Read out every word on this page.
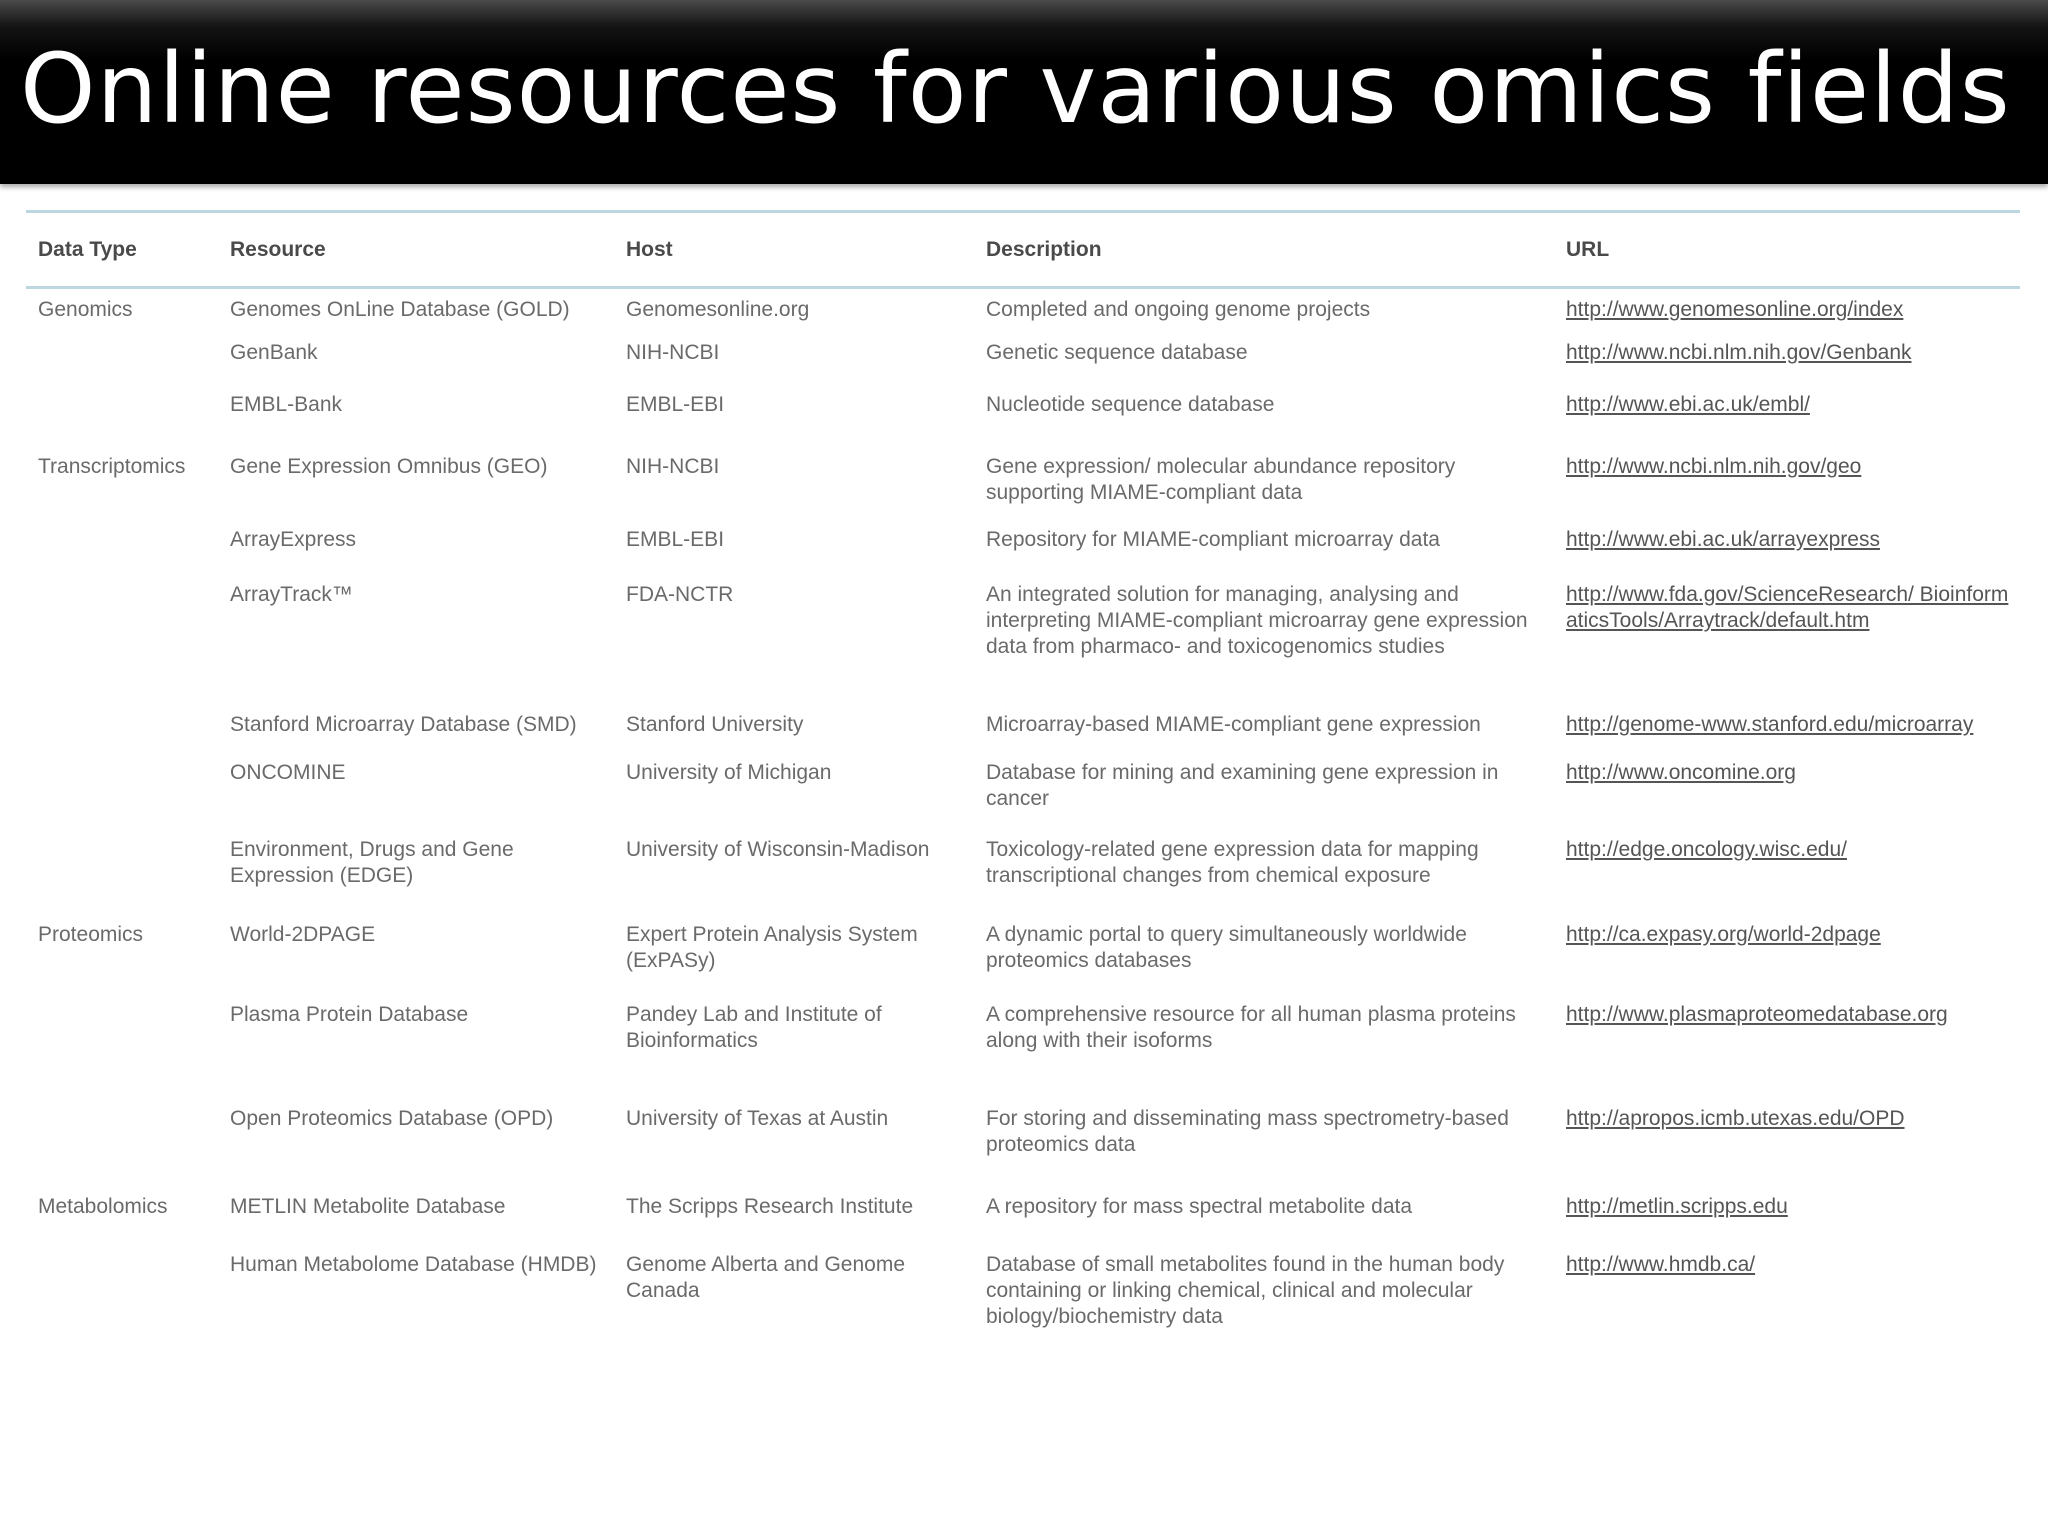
Online resources for various omics fields
Data Type	Resource	Host	Description	URL
Genomics	Genomes OnLine Database (GOLD)	Genomesonline.org	Completed and ongoing genome projects	http://www.genomesonline.org/index
	GenBank	NIH-NCBI	Genetic sequence database	http://www.ncbi.nlm.nih.gov/Genbank
	EMBL-Bank	EMBL-EBI	Nucleotide sequence database	http://www.ebi.ac.uk/embl/
Transcriptomics	Gene Expression Omnibus (GEO)	NIH-NCBI	Gene expression/ molecular abundance repository supporting MIAME-compliant data	http://www.ncbi.nlm.nih.gov/geo
	ArrayExpress	EMBL-EBI	Repository for MIAME-compliant microarray data	http://www.ebi.ac.uk/arrayexpress
	ArrayTrack™	FDA-NCTR	An integrated solution for managing, analysing and interpreting MIAME-compliant microarray gene expression data from pharmaco- and toxicogenomics studies	http://www.fda.gov/ScienceResearch/ BioinformaticsTools/Arraytrack/default.htm
	Stanford Microarray Database (SMD)	Stanford University	Microarray-based MIAME-compliant gene expression	http://genome-www.stanford.edu/microarray
	ONCOMINE	University of Michigan	Database for mining and examining gene expression in cancer	http://www.oncomine.org
	Environment, Drugs and Gene Expression (EDGE)	University of Wisconsin-Madison	Toxicology-related gene expression data for mapping transcriptional changes from chemical exposure	http://edge.oncology.wisc.edu/
Proteomics	World-2DPAGE	Expert Protein Analysis System (ExPASy)	A dynamic portal to query simultaneously worldwide proteomics databases	http://ca.expasy.org/world-2dpage
	Plasma Protein Database	Pandey Lab and Institute of Bioinformatics	A comprehensive resource for all human plasma proteins along with their isoforms	http://www.plasmaproteomedatabase.org
	Open Proteomics Database (OPD)	University of Texas at Austin	For storing and disseminating mass spectrometry-based proteomics data	http://apropos.icmb.utexas.edu/OPD
Metabolomics	METLIN Metabolite Database	The Scripps Research Institute	A repository for mass spectral metabolite data	http://metlin.scripps.edu
	Human Metabolome Database (HMDB)	Genome Alberta and Genome Canada	Database of small metabolites found in the human body containing or linking chemical, clinical and molecular biology/biochemistry data	http://www.hmdb.ca/
